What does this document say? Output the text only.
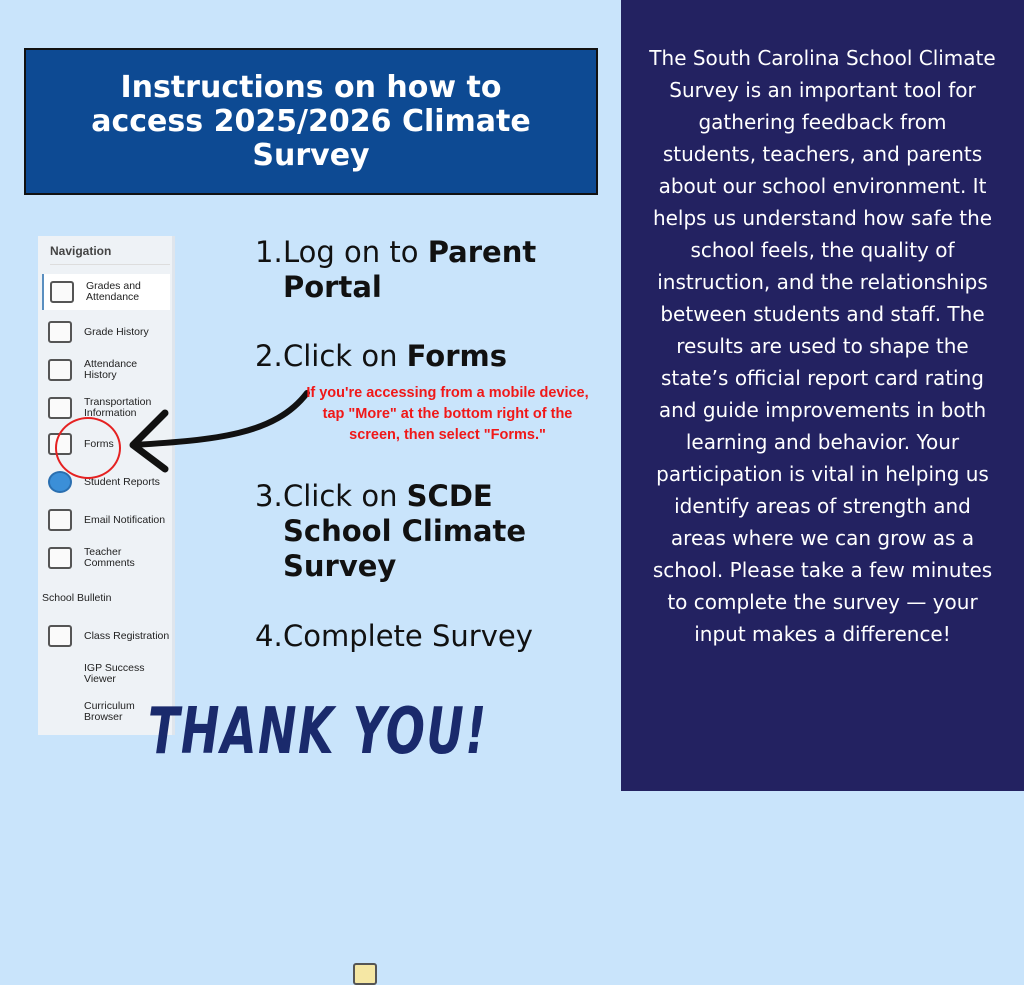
Instructions on how to access 2025/2026 Climate Survey
Navigation
Grades and Attendance
Grade History
Attendance History
Transportation Information
Forms
Student Reports
Email Notification
Teacher Comments
School Bulletin
Class Registration
IGP Success Viewer
Curriculum Browser
1. Log on to Parent Portal
2. Click on Forms
3. Click on SCDE School Climate Survey
4. Complete Survey
If you're accessing from a mobile device, tap "More" at the bottom right of the screen, then select "Forms."
THANK YOU!

The South Carolina School Climate Survey is an important tool for gathering feedback from students, teachers, and parents about our school environment. It helps us understand how safe the school feels, the quality of instruction, and the relationships between students and staff. The results are used to shape the state’s official report card rating and guide improvements in both learning and behavior. Your participation is vital in helping us identify areas of strength and areas where we can grow as a school. Please take a few minutes to complete the survey — your input makes a difference!
